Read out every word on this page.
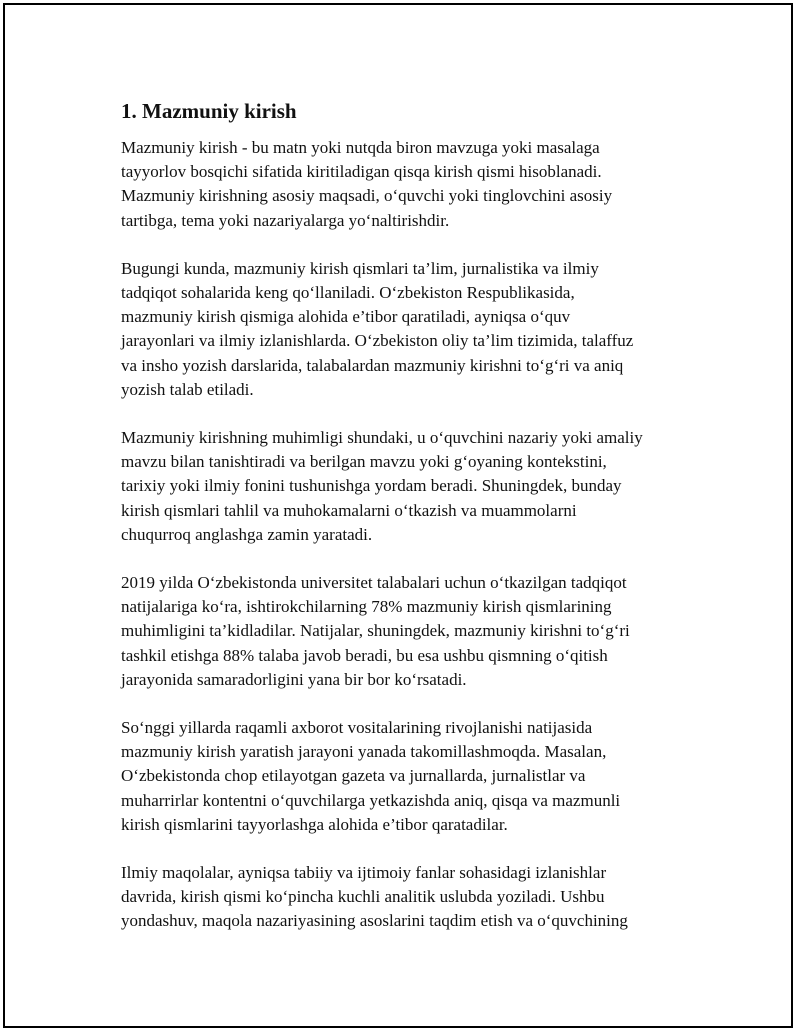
1. Mazmuniy kirish

Mazmuniy kirish - bu matn yoki nutqda biron mavzuga yoki masalaga
tayyorlov bosqichi sifatida kiritiladigan qisqa kirish qismi hisoblanadi.
Mazmuniy kirishning asosiy maqsadi, o‘quvchi yoki tinglovchini asosiy
tartibga, tema yoki nazariyalarga yo‘naltirishdir.

Bugungi kunda, mazmuniy kirish qismlari ta’lim, jurnalistika va ilmiy
tadqiqot sohalarida keng qo‘llaniladi. O‘zbekiston Respublikasida,
mazmuniy kirish qismiga alohida e’tibor qaratiladi, ayniqsa o‘quv
jarayonlari va ilmiy izlanishlarda. O‘zbekiston oliy ta’lim tizimida, talaffuz
va insho yozish darslarida, talabalardan mazmuniy kirishni to‘g‘ri va aniq
yozish talab etiladi.

Mazmuniy kirishning muhimligi shundaki, u o‘quvchini nazariy yoki amaliy
mavzu bilan tanishtiradi va berilgan mavzu yoki g‘oyaning kontekstini,
tarixiy yoki ilmiy fonini tushunishga yordam beradi. Shuningdek, bunday
kirish qismlari tahlil va muhokamalarni o‘tkazish va muammolarni
chuqurroq anglashga zamin yaratadi.

2019 yilda O‘zbekistonda universitet talabalari uchun o‘tkazilgan tadqiqot
natijalariga ko‘ra, ishtirokchilarning 78% mazmuniy kirish qismlarining
muhimligini ta’kidladilar. Natijalar, shuningdek, mazmuniy kirishni to‘g‘ri
tashkil etishga 88% talaba javob beradi, bu esa ushbu qismning o‘qitish
jarayonida samaradorligini yana bir bor ko‘rsatadi.

So‘nggi yillarda raqamli axborot vositalarining rivojlanishi natijasida
mazmuniy kirish yaratish jarayoni yanada takomillashmoqda. Masalan,
O‘zbekistonda chop etilayotgan gazeta va jurnallarda, jurnalistlar va
muharrirlar kontentni o‘quvchilarga yetkazishda aniq, qisqa va mazmunli
kirish qismlarini tayyorlashga alohida e’tibor qaratadilar.

Ilmiy maqolalar, ayniqsa tabiiy va ijtimoiy fanlar sohasidagi izlanishlar
davrida, kirish qismi ko‘pincha kuchli analitik uslubda yoziladi. Ushbu
yondashuv, maqola nazariyasining asoslarini taqdim etish va o‘quvchining
